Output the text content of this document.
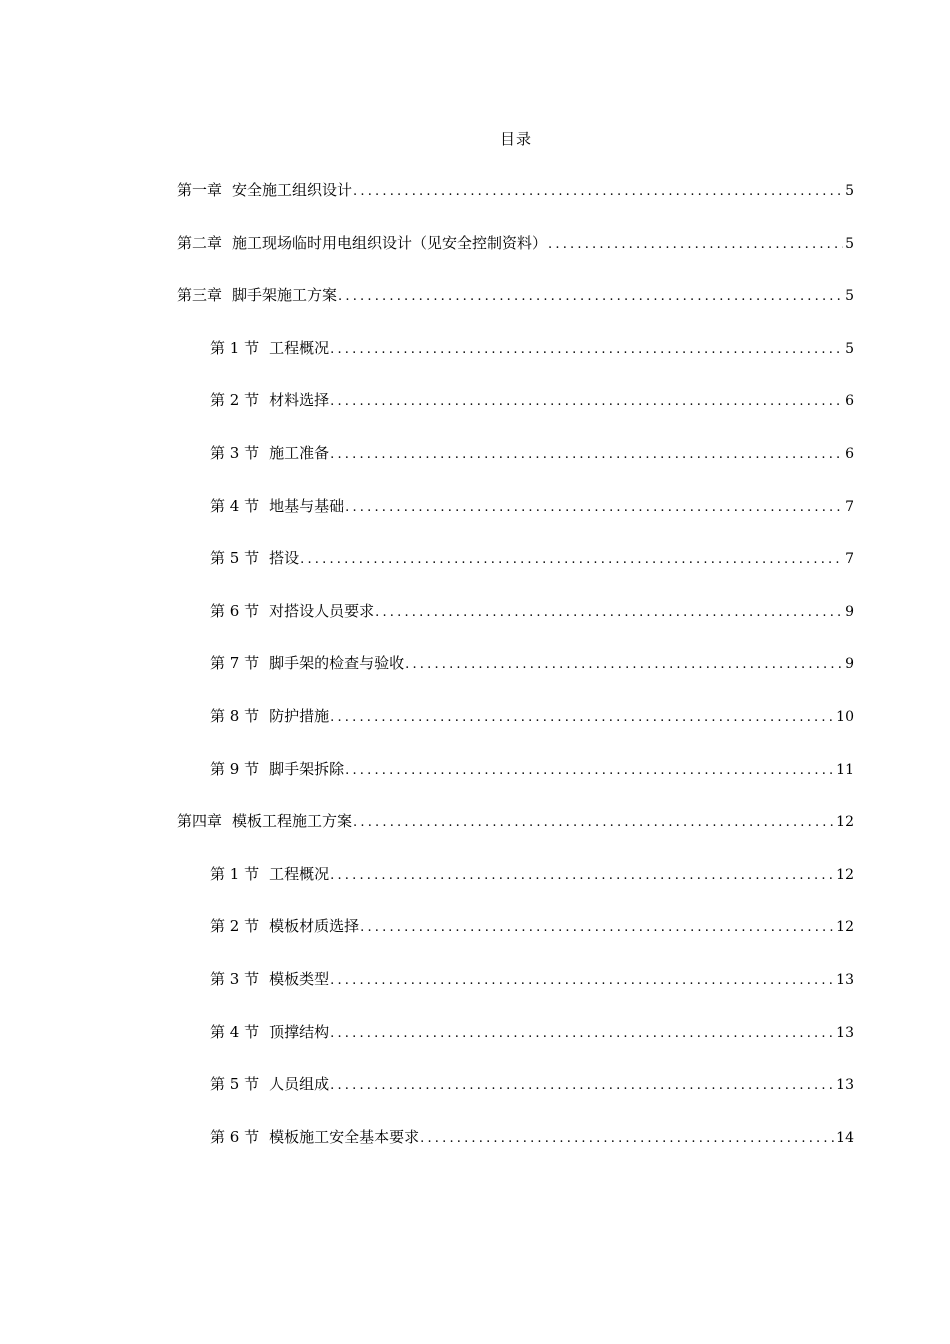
目录
第一章 安全施工组织设计 .....	5
第二章 施工现场临时用电组织设计（见安全控制资料） .....	5
第三章 脚手架施工方案 .....	5
第 1 节 工程概况 .....	5
第 2 节 材料选择 .....	6
第 3 节 施工准备 .....	6
第 4 节 地基与基础 .....	7
第 5 节 搭设 .....	7
第 6 节 对搭设人员要求 .....	9
第 7 节 脚手架的检查与验收 .....	9
第 8 节 防护措施 .....	10
第 9 节 脚手架拆除 .....	11
第四章 模板工程施工方案 .....	12
第 1 节 工程概况 .....	12
第 2 节 模板材质选择 .....	12
第 3 节 模板类型 .....	13
第 4 节 顶撑结构 .....	13
第 5 节 人员组成 .....	13
第 6 节 模板施工安全基本要求 .....	14
